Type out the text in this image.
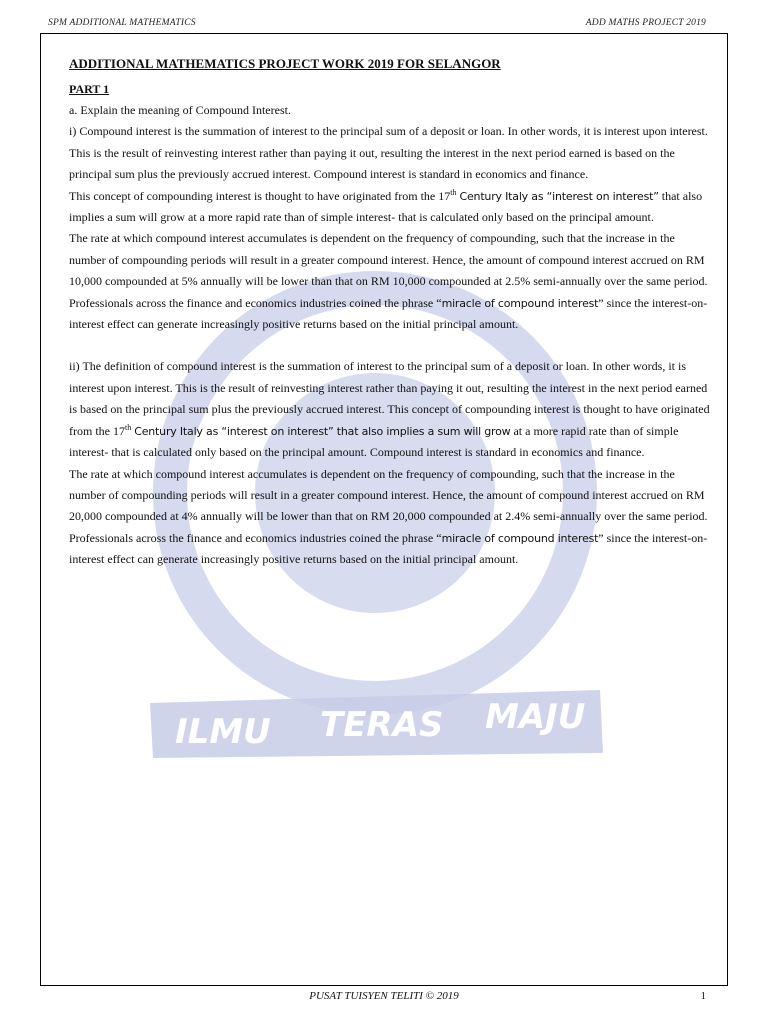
SPM ADDITIONAL MATHEMATICS	ADD MATHS PROJECT 2019
ILMU TERAS MAJU
ADDITIONAL MATHEMATICS PROJECT WORK 2019 FOR SELANGOR
PART 1

a. Explain the meaning of Compound Interest.

i) Compound interest is the summation of interest to the principal sum of a deposit or loan. In other words, it is interest upon interest. This is the result of reinvesting interest rather than paying it out, resulting the interest in the next period earned is based on the principal sum plus the previously accrued interest. Compound interest is standard in economics and finance.

This concept of compounding interest is thought to have originated from the 17th Century Italy as “interest on interest” that also implies a sum will grow at a more rapid rate than of simple interest- that is calculated only based on the principal amount.

The rate at which compound interest accumulates is dependent on the frequency of compounding, such that the increase in the number of compounding periods will result in a greater compound interest. Hence, the amount of compound interest accrued on RM 10,000 compounded at 5% annually will be lower than that on RM 10,000 compounded at 2.5% semi-annually over the same period. Professionals across the finance and economics industries coined the phrase “miracle of compound interest” since the interest-on-interest effect can generate increasingly positive returns based on the initial principal amount.

ii) The definition of compound interest is the summation of interest to the principal sum of a deposit or loan. In other words, it is interest upon interest. This is the result of reinvesting interest rather than paying it out, resulting the interest in the next period earned is based on the principal sum plus the previously accrued interest. This concept of compounding interest is thought to have originated from the 17th Century Italy as “interest on interest” that also implies a sum will grow at a more rapid rate than of simple interest- that is calculated only based on the principal amount. Compound interest is standard in economics and finance.

The rate at which compound interest accumulates is dependent on the frequency of compounding, such that the increase in the number of compounding periods will result in a greater compound interest. Hence, the amount of compound interest accrued on RM 20,000 compounded at 4% annually will be lower than that on RM 20,000 compounded at 2.4% semi-annually over the same period. Professionals across the finance and economics industries coined the phrase “miracle of compound interest” since the interest-on-interest effect can generate increasingly positive returns based on the initial principal amount.

PUSAT TUISYEN TELITI © 2019	1
